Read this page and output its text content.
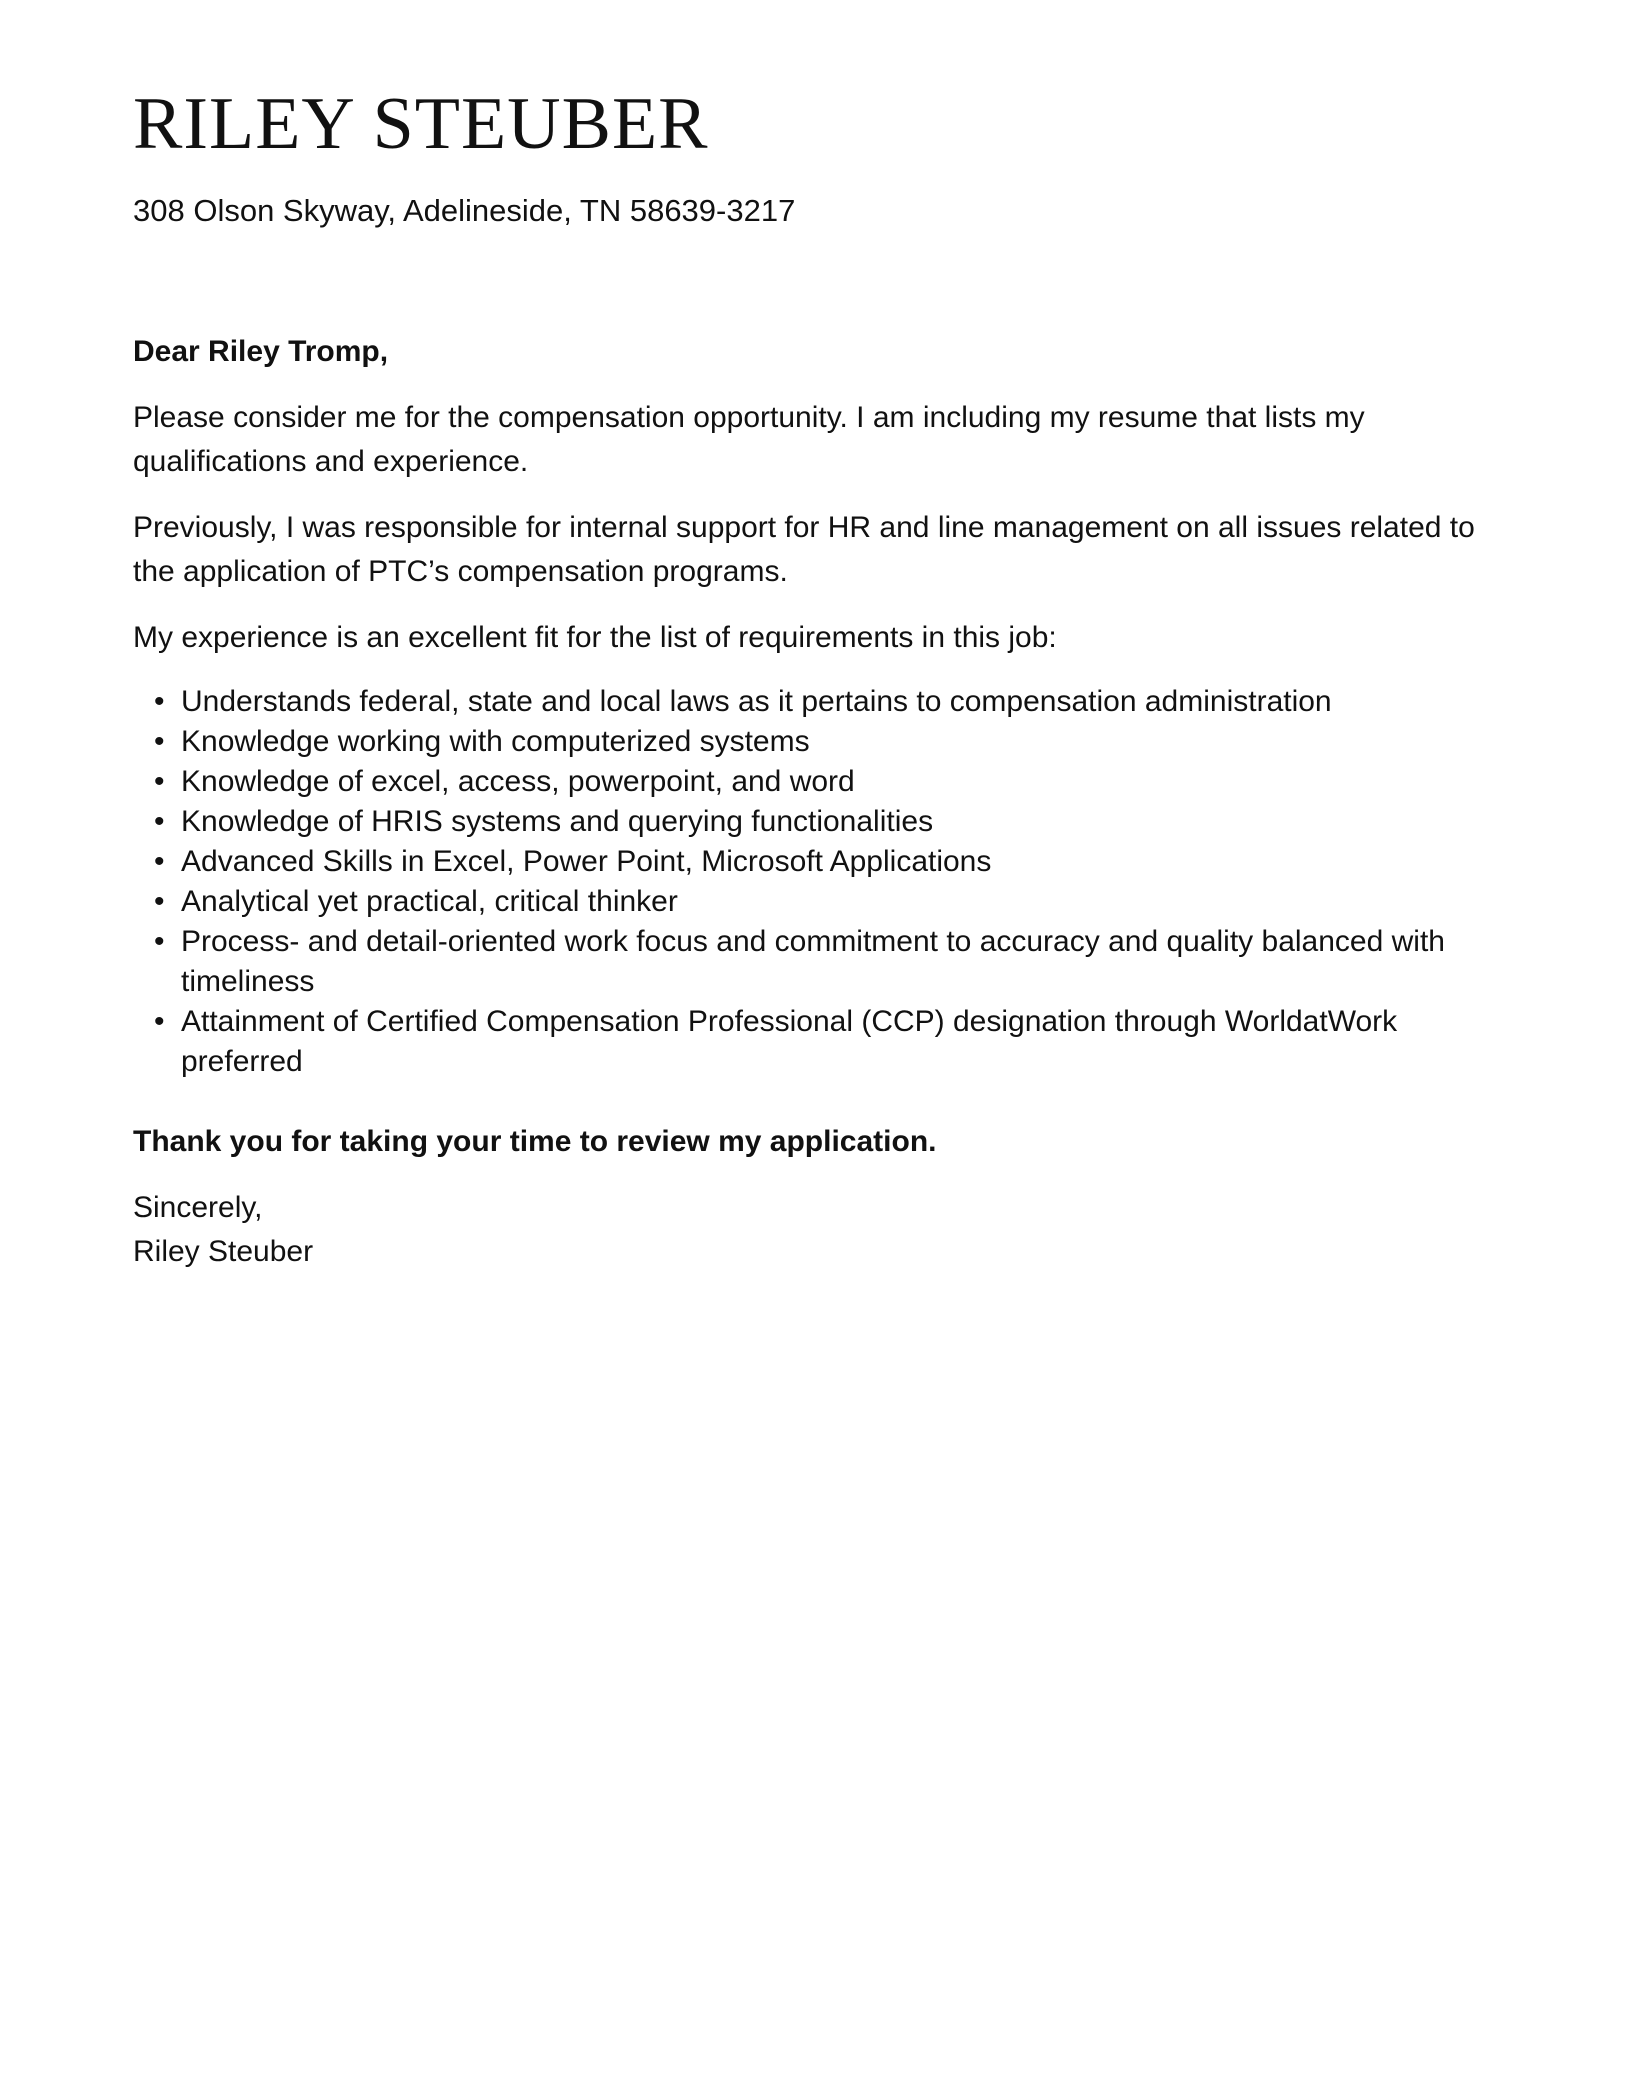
RILEY STEUBER

308 Olson Skyway, Adelineside, TN 58639-3217

Dear Riley Tromp,

Please consider me for the compensation opportunity. I am including my resume that lists my qualifications and experience.

Previously, I was responsible for internal support for HR and line management on all issues related to the application of PTC’s compensation programs.

My experience is an excellent fit for the list of requirements in this job:

• Understands federal, state and local laws as it pertains to compensation administration
• Knowledge working with computerized systems
• Knowledge of excel, access, powerpoint, and word
• Knowledge of HRIS systems and querying functionalities
• Advanced Skills in Excel, Power Point, Microsoft Applications
• Analytical yet practical, critical thinker
• Process- and detail-oriented work focus and commitment to accuracy and quality balanced with timeliness
• Attainment of Certified Compensation Professional (CCP) designation through WorldatWork preferred

Thank you for taking your time to review my application.

Sincerely,

Riley Steuber
